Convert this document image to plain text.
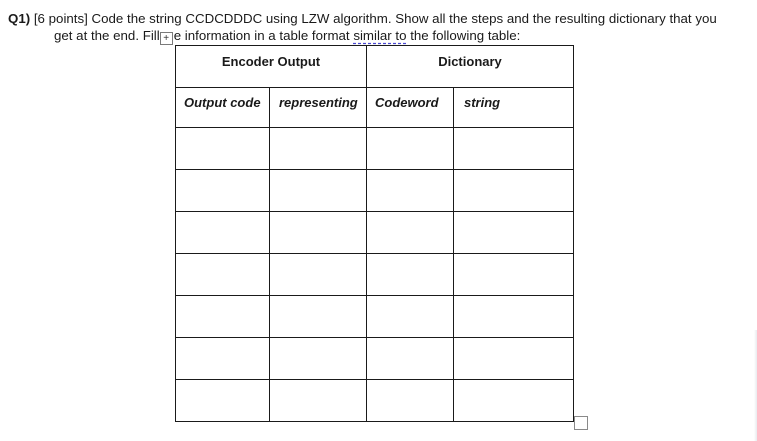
Q1) [6 points] Code the string CCDCDDDC using LZW algorithm. Show all the steps and the resulting dictionary that you
get at the end. Fill + e information in a table format similar to the following table:
Encoder Output		Dictionary	
Output code	representing	Codeword	string
